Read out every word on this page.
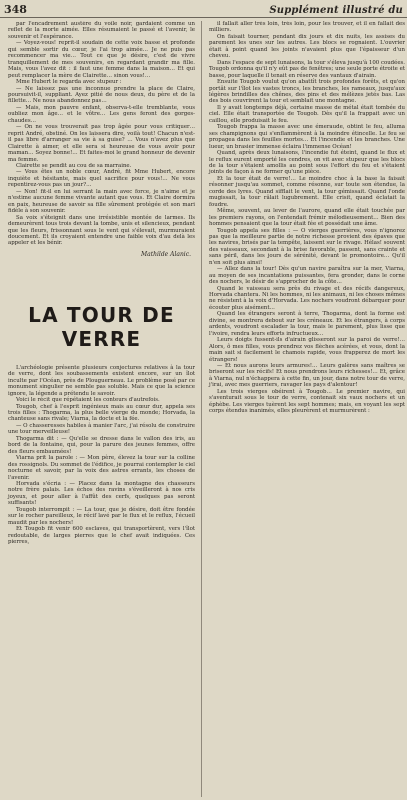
348	Supplément illustré du

par l'encadrement austère du voile noir, gardaient comme un reflet de la morte aimée. Elles résumaient le passé et l'avenir, le souvenir et l'espérance.

— Voyez-vous! reprit-il soudain de cette voix basse et profonde qui semble sortir du cœur, je l'ai trop aimée… Je ne puis pas recommencer ma vie… Tout ce que je désire, c'est de vivre tranquillement de mes souvenirs, en regardant grandir ma fille. Mais, vous l'avez dit : il faut une femme dans la maison… Et qui peut remplacer la mère de Clairette… sinon vous!…

Mme Hubert le regarda avec stupeur :

— Ne laissez pas une inconnue prendre la place de Claire, poursuivit-il, suppliant. Ayez pitié de nous deux, du père et de la fillette… Ne nous abandonnez pas…

— Mais, mon pauvre enfant, observa-t-elle tremblante, vous oubliez mon âge… et le vôtre… Les gens feront des gorges-chaudes…

— On ne vous trouverait pas trop âgée pour vous critiquer… reprit André, obstiné. On les laissera dire, voilà tout! Chacun n'est-il pas libre d'arranger sa vie à sa guise? … Vous n'avez plus que Clairette à aimer, et elle sera si heureuse de vous avoir pour maman… Soyez bonne!… Et faites-moi le grand honneur de devenir ma femme.

Clairette se pendit au cou de sa marraine.

— Vous êtes un noble cœur, André, fit Mme Hubert, encore inquiète et hésitante, mais quel sacrifice pour vous!… Ne vous repentirez-vous pas un jour?…

— Non! fit-il en lui serrant la main avec force, je n'aime et je n'estime aucune femme vivante autant que vous. Et Claire dormira en paix, heureuse de savoir sa fille sûrement protégée et son mari fidèle à son souvenir.

Sa voix s'éteignit dans une irrésistible montée de larmes. Ils demeurèrent tous trois devant la tombe, unis et silencieux, pendant que les fleurs, frissonnant sous le vent qui s'élevait, murmuraient doucement. Et ils croyaient entendre une faible voix d'au delà les appeler et les bénir.

Mathilde Alanic.
LA TOUR DE VERRE

L'archéologie présente plusieurs conjectures relatives à la tour de verre, dont les soubassements existent encore, sur un îlot inculte par l'Océan, près de Plouguerneau. Le problème posé par ce monument singulier ne semble pas soluble. Mais ce que la science ignore, la légende a prétendu le savoir.

Voici le récit que répétaient les conteurs d'autrefois.

Tougob, chef à l'esprit ingénieux mais au cœur dur, appela ses trois filles : Thogarma, la plus belle vierge du monde; Horvada, la chanteuse sans rivale; Viarna, la docte et la fée.

— O chasseresses habiles à manier l'arc, j'ai résolu de construire une tour merveilleuse!

Thogarma dit : — Qu'elle se dresse dans le vallon des iris, au bord de la fontaine, qui, pour la parure des jeunes femmes, offre des fleurs embaumées!

Viarna prit la parole : — Mon père, élevez la tour sur la colline des rossignols. Du sommet de l'édifice, je pourrai contempler le ciel nocturne et savoir, par la voix des astres errants, les choses de l'avenir.

Horvada s'écria : — Placez dans la montagne des chasseurs notre frère palais. Les échos des ravins s'éveilleront à nos cris joyeux, et pour aller à l'affût des cerfs, quelques pas seront suffisants!

Tougob interrompit : — La tour, que je désire, doit être fondée sur le rocher pareilleux, le récif lavé par le flux et le reflux, l'écueil maudit par les nochers!

Et Tougob fit venir 600 esclaves, qui transportèrent, vers l'îlot redoutable, de larges pierres que le chef avait indiquées. Ces pierres,

il fallait aller très loin, très loin, pour les trouver, et il en fallait des milliers.

On faisait tourner, pendant dix jours et dix nuits, les assises du parement les unes sur les autres. Les blocs se rognaient. L'ouvrier était à point quand les joints n'avaient plus que l'épaisseur d'un cheveu.

Dans l'espace de sept lunaisons, la tour s'éleva jusqu'à 100 coudées. Tougob ordonna qu'il n'y eût pas de fenêtres; une seule porte étroite et basse, pour laquelle il tenait en réserve des vantaux d'airain.

Ensuite Tougob voulut qu'on abattît trois profondes forêts, et qu'on portât sur l'îlot les vastes troncs, les branches, les rameaux, jusqu'aux légères brindilles des chênes, des pins et des mélèzes jetés bas. Las des bois couvrirent la tour et semblait une montagne.

Il y avait longtemps déjà, certaine masse de métal était tombée du ciel. Elle était transportée de Tougob. Dès qu'il la frappait avec un caillou, elle produisait le feu.

Tougob frappa la masse avec une émeraude, obtint le feu, alluma ses champignons qui s'enflammèrent à la moindre étincelle. Le feu se propagea dans les feuilles mortes… Et l'incendie et les branches. Une lueur, un brasier immense éclaira l'immense Océan!

Quand, après deux lunaisons, l'incendie fut éteint, quand le flux et le reflux eurent emporté les cendres, on vit avec stupeur que les blocs de la tour s'étaient amollis au point sous l'effort du feu et s'étaient joints de façon à ne former qu'une pièce.

Et la tour était de verre!… Le moindre choc à la base la faisait résonner jusqu'au sommet, comme résonne, sur toute son étendue, la corde des lyres. Quand sifflait le vent, la tour gémissait. Quand l'onde mugissait, la tour râlait lugubrement. Elle crisit, quand éclatait la foudre.

Même, souvent, au lever de l'aurore, quand elle était touchée par les premiers rayons, on l'entendait frémir mélodieusement… Bien des hommes pensaient que la tour était fée et possédait une âme.

Tougob appela ses filles : — O vierges guerrières, vous n'ignorez pas que la meilleure partie de notre richesse provient des épaves que les navires, brisés par la tempête, laissent sur le rivage. Hélas! souvent des vaisseaux, secondant à la brise favorable, passent, sans crainte et sans péril, dans les jours de sérénité, devant le promontoire… Qu'il n'en soit plus ainsi!

— Allez dans la tour! Dès qu'un navire paraîtra sur la mer, Viarna, au moyen de ses incantations puissantes, fera gronder, dans le corne des nochers, le désir de s'approcher de la côte…

Quand le vaisseau sera près du rivage et des récifs dangereux, Horvada chantera. Ni les hommes, ni les animaux, ni les choses mêmes ne résistent à la voix d'Horvada. Les nochers voudront débarquer pour écouter plus aisément…

Quand les étrangers seront à terre, Thogarma, dont la forme est divine, se montrera debout sur les créneaux. Et les étrangers, à corps ardents, voudront escalader la tour, mais le parement, plus lisse que l'ivoire, rendra leurs efforts infructueux…

Leurs doigts fussent-ils d'airain glisseront sur la paroi de verre!… Alors, ô mes filles, vous prendrez vos flèches acérées, et vous, dont la main sait si facilement le chamois rapide, vous frapperez de mort les étrangers!

— Et nous aurons leurs armures!… Leurs galères sans maîtres se briseront sur les récifs! Et nous prendrons leurs richesses!… Et, grâce à Viarna, nul n'échappera à cette fin, un jour, dans notre tour de verre, j'irai, avec mes guerriers, ravager les pays d'alentour!

Les trois vierges obéirent à Tougob… Le premier navire, qui s'aventurait sous le tour de verre, contenait six vaux nochers et un éphèbe. Les vierges tuèrent les sept hommes; mais, en voyant les sept corps étendus inanimés, elles pleurèrent et murmurèrent :
